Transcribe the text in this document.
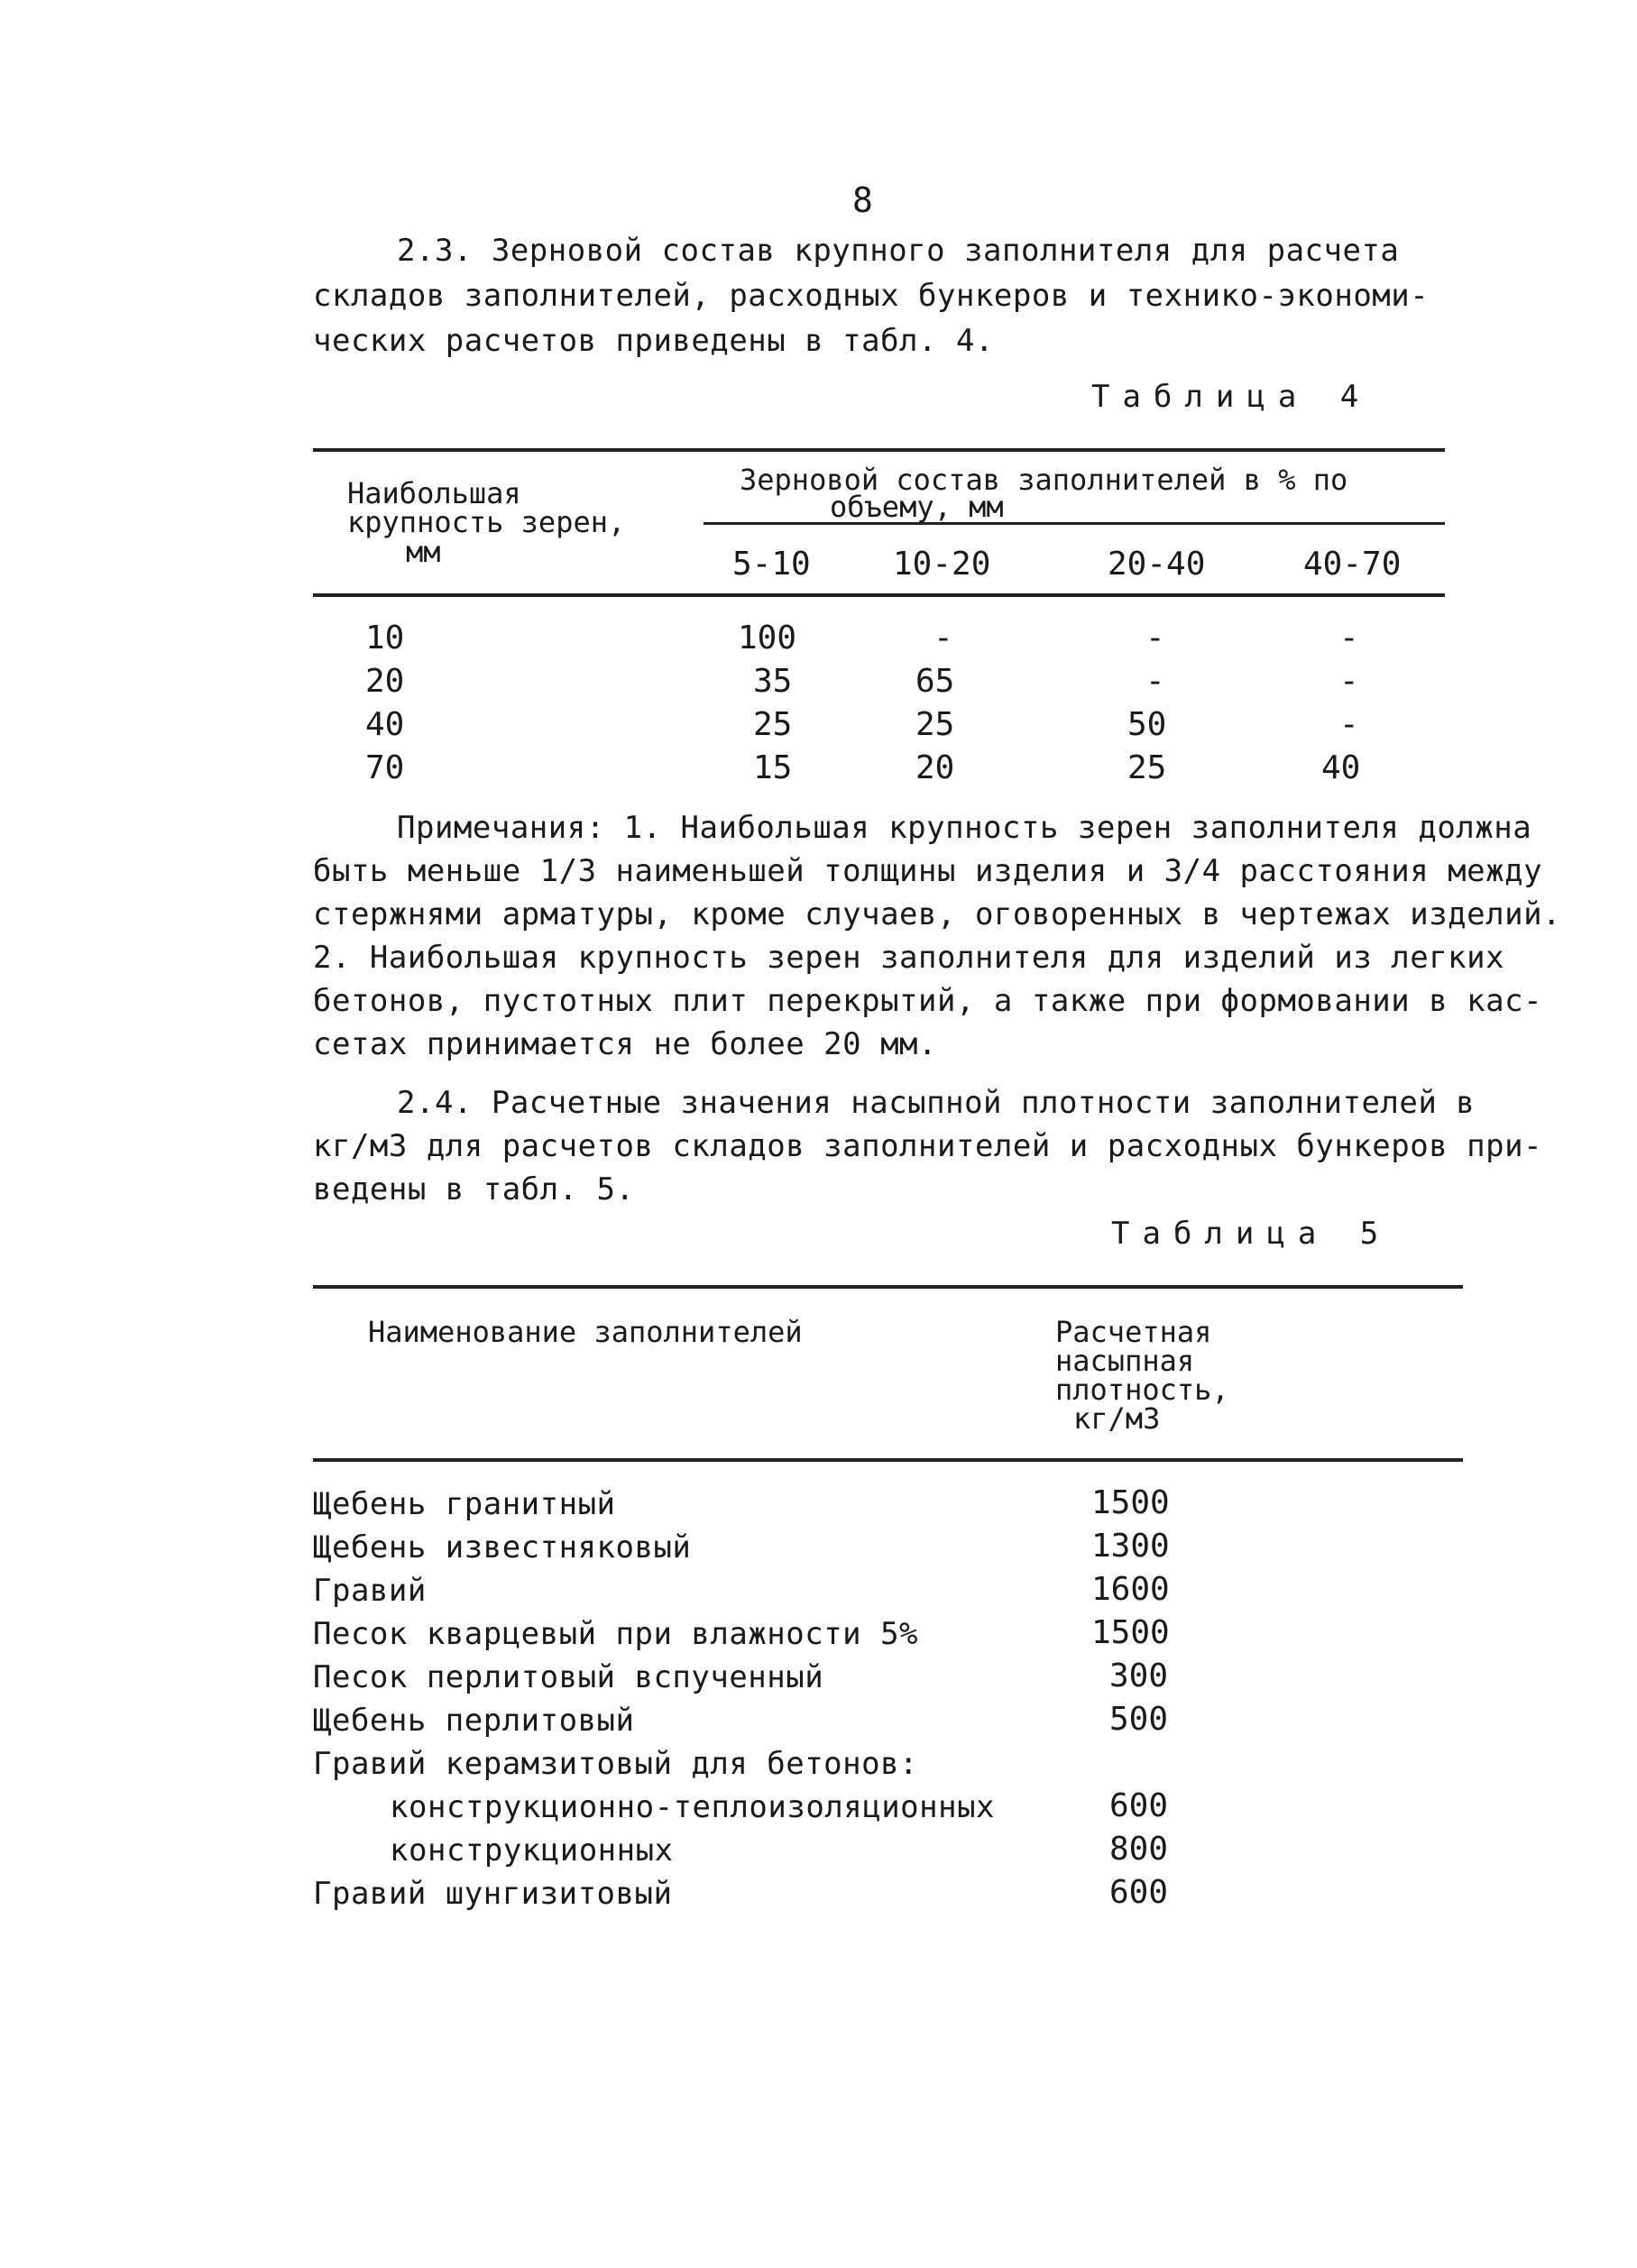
8
2.3. Зерновой состав крупного заполнителя для расчета
складов заполнителей, расходных бункеров и технико-экономи-
ческих расчетов приведены в табл. 4.
Таблица 4
Наибольшая
крупность зерен,
мм
Зерновой состав заполнителей в % по
объему, мм
5-10	10-20	20-40	40-70
10	100	-	-	-
20	35	65	-	-
40	25	25	50	-
70	15	20	25	40
Примечания: 1. Наибольшая крупность зерен заполнителя должна
быть меньше 1/3 наименьшей толщины изделия и 3/4 расстояния между
стержнями арматуры, кроме случаев, оговоренных в чертежах изделий.
2. Наибольшая крупность зерен заполнителя для изделий из легких
бетонов, пустотных плит перекрытий, а также при формовании в кас-
сетах принимается не более 20 мм.
2.4. Расчетные значения насыпной плотности заполнителей в
кг/м3 для расчетов складов заполнителей и расходных бункеров при-
ведены в табл. 5.
Таблица 5
Наименование заполнителей	Расчетная
насыпная
плотность,
кг/м3
Щебень гранитный	1500
Щебень известняковый	1300
Гравий	1600
Песок кварцевый при влажности 5%	1500
Песок перлитовый вспученный	300
Щебень перлитовый	500
Гравий керамзитовый для бетонов:
конструкционно-теплоизоляционных	600
конструкционных	800
Гравий шунгизитовый	600
